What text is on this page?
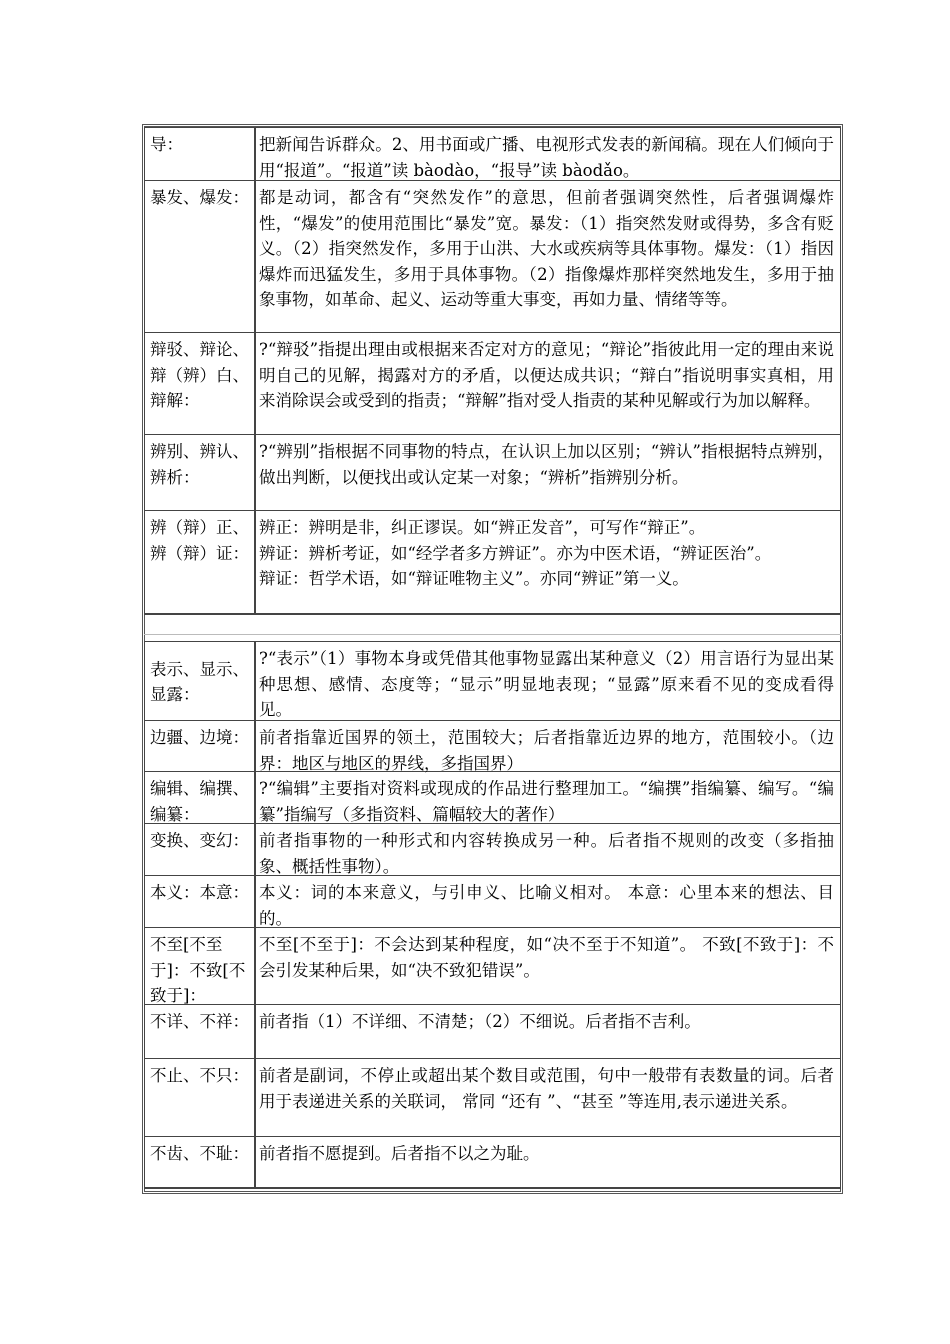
导：	把新闻告诉群众。2、用书面或广播、电视形式发表的新闻稿。现在人们倾向于用“报道”。“报道”读 bàodào，“报导”读 bàodǎo。

暴发、爆发： 都是动词，都含有“突然发作”的意思，但前者强调突然性，后者强调爆炸性，“爆发”的使用范围比“暴发”宽。暴发：（1）指突然发财或得势，多含有贬义。（2）指突然发作，多用于山洪、大水或疾病等具体事物。爆发：（1）指因爆炸而迅猛发生，多用于具体事物。（2）指像爆炸那样突然地发生，多用于抽象事物，如革命、起义、运动等重大事变，再如力量、情绪等等。

辩驳、辩论、辩（辨）白、辩解：

?“辩驳”指提出理由或根据来否定对方的意见；“辩论”指彼此用一定的理由来说明自己的见解，揭露对方的矛盾，以便达成共识；“辩白”指说明事实真相，用来消除误会或受到的指责；“辩解”指对受人指责的某种见解或行为加以解释。

辨别、辨认、辨析：

?“辨别”指根据不同事物的特点，在认识上加以区别；“辨认”指根据特点辨别，做出判断，以便找出或认定某一对象；“辨析”指辨别分析。

辨（辩）正、辨（辩）证：

辨正：辨明是非，纠正谬误。如“辨正发音”，可写作“辩正”。

辨证：辨析考证，如“经学者多方辨证”。亦为中医术语，“辨证医治”。

辩证：哲学术语，如“辩证唯物主义”。亦同“辨证”第一义。

表示、显示、显露：

?“表示”（1）事物本身或凭借其他事物显露出某种意义（2）用言语行为显出某种思想、感情、态度等；“显示”明显地表现；“显露”原来看不见的变成看得见。

边疆、边境： 前者指靠近国界的领土，范围较大；后者指靠近边界的地方，范围较小。（边界：地区与地区的界线，多指国界）

编辑、编撰、编纂：

?“编辑”主要指对资料或现成的作品进行整理加工。“编撰”指编纂、编写。“编纂”指编写（多指资料、篇幅较大的著作）

变换、变幻： 前者指事物的一种形式和内容转换成另一种。后者指不规则的改变（多指抽象、概括性事物）。

本义：本意： 本义：词的本来意义，与引申义、比喻义相对。 本意：心里本来的想法、目的。

不至[不至于]：不致[不致于]：

不至[不至于]：不会达到某种程度，如“决不至于不知道”。 不致[不致于]：不会引发某种后果，如“决不致犯错误”。

不详、不祥： 前者指（1）不详细、不清楚；（2）不细说。后者指不吉利。

不止、不只： 前者是副词，不停止或超出某个数目或范围，句中一般带有表数量的词。后者用于表递进关系的关联词， 常同 “还有 ”、“甚至 ”等连用,表示递进关系。

不齿、不耻： 前者指不愿提到。后者指不以之为耻。
